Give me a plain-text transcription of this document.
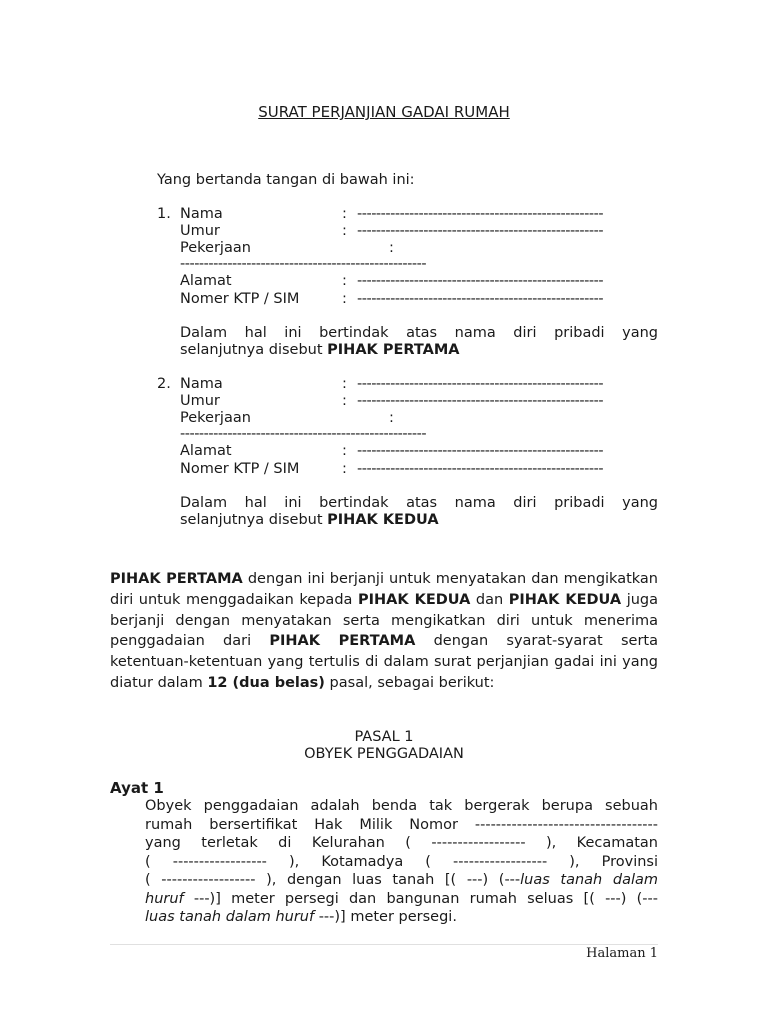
SURAT PERJANJIAN GADAI RUMAH
Yang bertanda tangan di bawah ini:
1. Nama	: ----------------------------------------------------
Umur	: ----------------------------------------------------
Pekerjaan	:
----------------------------------------------------
Alamat	: ----------------------------------------------------
Nomer KTP / SIM	: ----------------------------------------------------
Dalam hal ini bertindak atas nama diri pribadi yang
selanjutnya disebut PIHAK PERTAMA
2. Nama	: ----------------------------------------------------
Umur	: ----------------------------------------------------
Pekerjaan	:
----------------------------------------------------
Alamat	: ----------------------------------------------------
Nomer KTP / SIM	: ----------------------------------------------------
Dalam hal ini bertindak atas nama diri pribadi yang
selanjutnya disebut PIHAK KEDUA
PIHAK PERTAMA dengan ini berjanji untuk menyatakan dan mengikatkan diri untuk menggadaikan kepada PIHAK KEDUA dan PIHAK KEDUA juga berjanji dengan menyatakan serta mengikatkan diri untuk menerima penggadaian dari PIHAK PERTAMA dengan syarat-syarat serta ketentuan-ketentuan yang tertulis di dalam surat perjanjian gadai ini yang diatur dalam 12 (dua belas) pasal, sebagai berikut:
PASAL 1
OBYEK PENGGADAIAN
Ayat 1
Obyek penggadaian adalah benda tak bergerak berupa sebuah
rumah bersertifikat Hak Milik Nomor -----------------------------------
yang terletak di Kelurahan ( ------------------ ), Kecamatan
( ------------------ ), Kotamadya ( ------------------ ), Provinsi
( ------------------ ), dengan luas tanah [( ---) (---luas tanah dalam
huruf ---)] meter persegi dan bangunan rumah seluas [( ---) (---
luas tanah dalam huruf ---)] meter persegi.
Halaman 1
